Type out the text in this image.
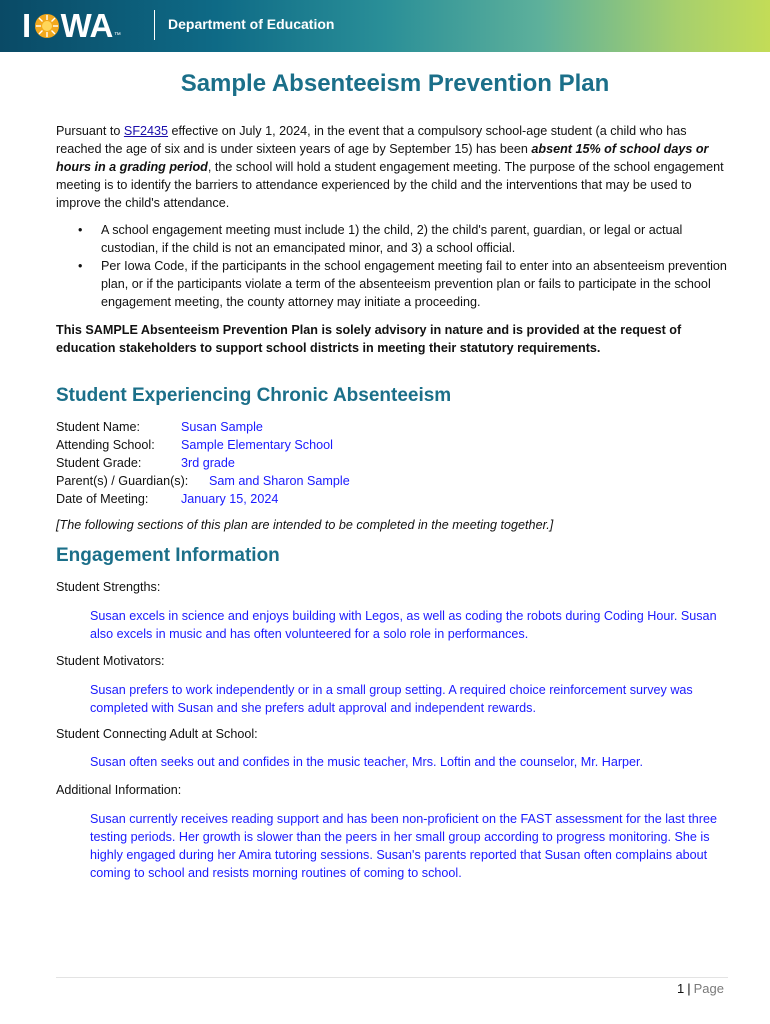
I WA ™
Department of Education
Sample Absenteeism Prevention Plan
Pursuant to SF2435 effective on July 1, 2024, in the event that a compulsory school-age student (a child who has reached the age of six and is under sixteen years of age by September 15) has been absent 15% of school days or hours in a grading period, the school will hold a student engagement meeting. The purpose of the school engagement meeting is to identify the barriers to attendance experienced by the child and the interventions that may be used to improve the child's attendance.
• A school engagement meeting must include 1) the child, 2) the child's parent, guardian, or legal or actual custodian, if the child is not an emancipated minor, and 3) a school official.
• Per Iowa Code, if the participants in the school engagement meeting fail to enter into an absenteeism prevention plan, or if the participants violate a term of the absenteeism prevention plan or fails to participate in the school engagement meeting, the county attorney may initiate a proceeding.
This SAMPLE Absenteeism Prevention Plan is solely advisory in nature and is provided at the request of education stakeholders to support school districts in meeting their statutory requirements.
Student Experiencing Chronic Absenteeism
Student Name:	Susan Sample
Attending School: Sample Elementary School
Student Grade:	3rd grade
Parent(s) / Guardian(s): Sam and Sharon Sample
Date of Meeting:	January 15, 2024
[The following sections of this plan are intended to be completed in the meeting together.]
Engagement Information
Student Strengths:
Susan excels in science and enjoys building with Legos, as well as coding the robots during Coding Hour. Susan also excels in music and has often volunteered for a solo role in performances.
Student Motivators:
Susan prefers to work independently or in a small group setting. A required choice reinforcement survey was completed with Susan and she prefers adult approval and independent rewards.
Student Connecting Adult at School:
Susan often seeks out and confides in the music teacher, Mrs. Loftin and the counselor, Mr. Harper.
Additional Information:
Susan currently receives reading support and has been non-proficient on the FAST assessment for the last three testing periods. Her growth is slower than the peers in her small group according to progress monitoring. She is highly engaged during her Amira tutoring sessions. Susan's parents reported that Susan often complains about coming to school and resists morning routines of coming to school.
1 | Page
